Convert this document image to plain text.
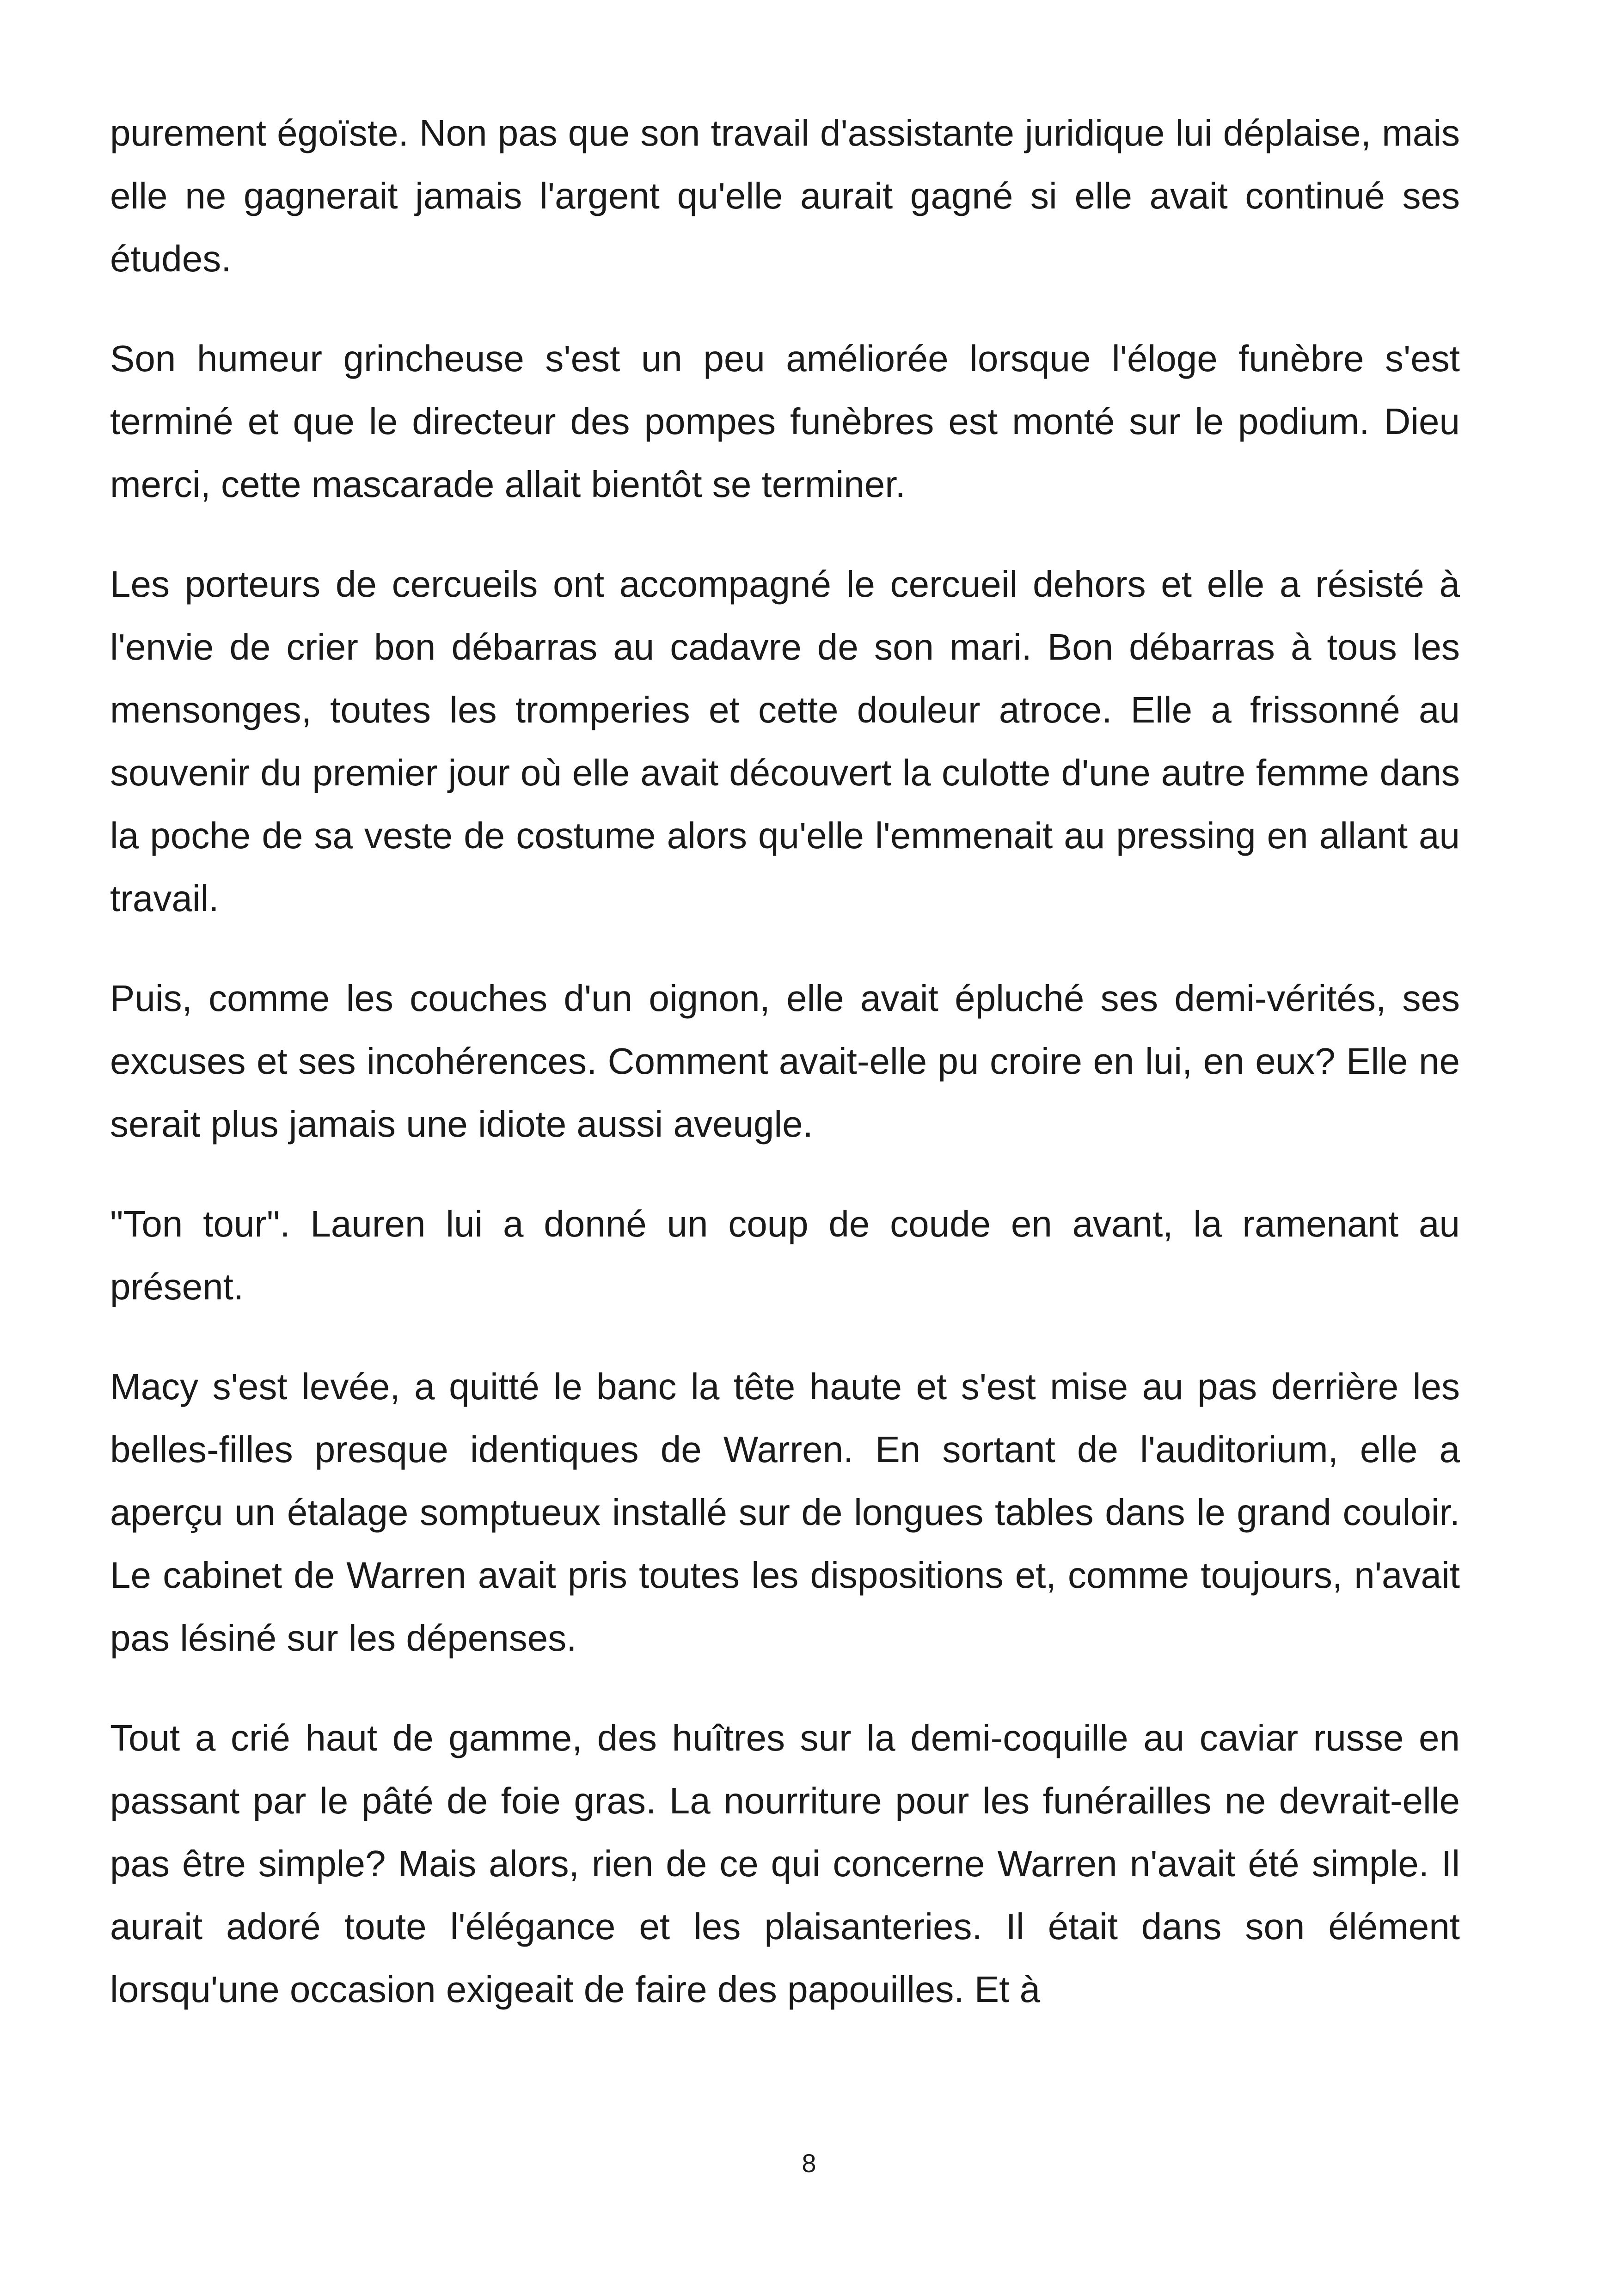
purement égoïste. Non pas que son travail d'assistante juridique lui déplaise, mais elle ne gagnerait jamais l'argent qu'elle aurait gagné si elle avait continué ses études.

Son humeur grincheuse s'est un peu améliorée lorsque l'éloge funèbre s'est terminé et que le directeur des pompes funèbres est monté sur le podium. Dieu merci, cette mascarade allait bientôt se terminer.

Les porteurs de cercueils ont accompagné le cercueil dehors et elle a résisté à l'envie de crier bon débarras au cadavre de son mari. Bon débarras à tous les mensonges, toutes les tromperies et cette douleur atroce. Elle a frissonné au souvenir du premier jour où elle avait découvert la culotte d'une autre femme dans la poche de sa veste de costume alors qu'elle l'emmenait au pressing en allant au travail.

Puis, comme les couches d'un oignon, elle avait épluché ses demi-vérités, ses excuses et ses incohérences. Comment avait-elle pu croire en lui, en eux? Elle ne serait plus jamais une idiote aussi aveugle.

"Ton tour". Lauren lui a donné un coup de coude en avant, la ramenant au présent.

Macy s'est levée, a quitté le banc la tête haute et s'est mise au pas derrière les belles-filles presque identiques de Warren. En sortant de l'auditorium, elle a aperçu un étalage somptueux installé sur de longues tables dans le grand couloir. Le cabinet de Warren avait pris toutes les dispositions et, comme toujours, n'avait pas lésiné sur les dépenses.

Tout a crié haut de gamme, des huîtres sur la demi-coquille au caviar russe en passant par le pâté de foie gras. La nourriture pour les funérailles ne devrait-elle pas être simple? Mais alors, rien de ce qui concerne Warren n'avait été simple. Il aurait adoré toute l'élégance et les plaisanteries. Il était dans son élément lorsqu'une occasion exigeait de faire des papouilles. Et à

8
